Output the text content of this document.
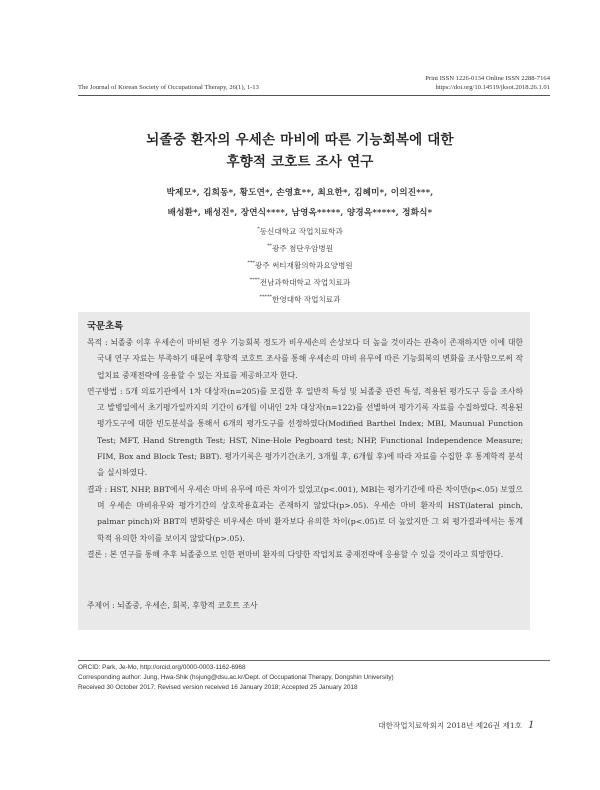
Print ISSN 1226-0134 Online ISSN 2288-7164
https://doi.org/10.14519/jksot.2018.26.1.01
The Journal of Korean Society of Occupational Therapy, 26(1), 1-13
뇌졸중 환자의 우세손 마비에 따른 기능회복에 대한
후향적 코호트 조사 연구
박제모*, 김희동*, 황도연*, 손영효**, 최요한*, 김혜미*, 이의진***,
배성환*, 배성진*, 장연식****, 남영옥*****, 양경옥*****, 정화식*
*동신대학교 작업치료학과
**광주 첨단우암병원
***광주 써티재활의학과요양병원
****전남과학대학교 작업치료과
*****한영대학 작업치료과
국문초록

목적 : 뇌졸중 이후 우세손이 마비된 경우 기능회복 정도가 비우세손의 손상보다 더 높을 것이라는 관측이 존재하지만 이에 대한 국내 연구 자료는 부족하기 때문에 후향적 코호트 조사를 통해 우세손의 마비 유무에 따른 기능회복의 변화를 조사함으로써 작업치료 중재전략에 응용할 수 있는 자료를 제공하고자 한다.

연구방법 : 5개 의료기관에서 1차 대상자(n=205)를 모집한 후 일반적 특성 및 뇌졸중 관련 특성, 적용된 평가도구 등을 조사하고 발병일에서 초기평가일까지의 기간이 6개월 이내인 2차 대상자(n=122)를 선별하여 평가기록 자료를 수집하였다. 적용된 평가도구에 대한 빈도분석을 통해서 6개의 평가도구를 선정하였다(Modified Barthel Index; MBI, Maunual Function Test; MFT, Hand Strength Test; HST, Nine-Hole Pegboard test; NHP, Functional Independence Measure; FIM, Box and Block Test; BBT). 평가기록은 평가기간(초기, 3개월 후, 6개월 후)에 따라 자료를 수집한 후 통계학적 분석을 실시하였다.

결과 : HST, NHP, BBT에서 우세손 마비 유무에 따른 차이가 있었고(p<.001), MBI는 평가기간에 따른 차이만(p<.05) 보였으며 우세손 마비유무와 평가기간의 상호작용효과는 존재하지 않았다(p>.05). 우세손 마비 환자의 HST(lateral pinch, palmar pinch)와 BBT의 변화량은 비우세손 마비 환자보다 유의한 차이(p<.05)로 더 높았지만 그 외 평가결과에서는 통계학적 유의한 차이를 보이지 않았다(p>.05).

결론 : 본 연구를 통해 추후 뇌졸중으로 인한 편마비 환자의 다양한 작업치료 중재전략에 응용할 수 있을 것이라고 희망한다.

주제어 : 뇌졸중, 우세손, 회복, 후향적 코호트 조사
ORCID: Park, Je-Mo, http://orcid.org/0000-0003-1162-6968
Corresponding author: Jung, Hwa-Shik (hsjung@dsu.ac.kr/Dept. of Occupational Therapy, Dongshin University)
Received 30 October 2017; Revised version received 16 January 2018; Accepted 25 January 2018
대한작업치료학회지 2018년 제26권 제1호 1
